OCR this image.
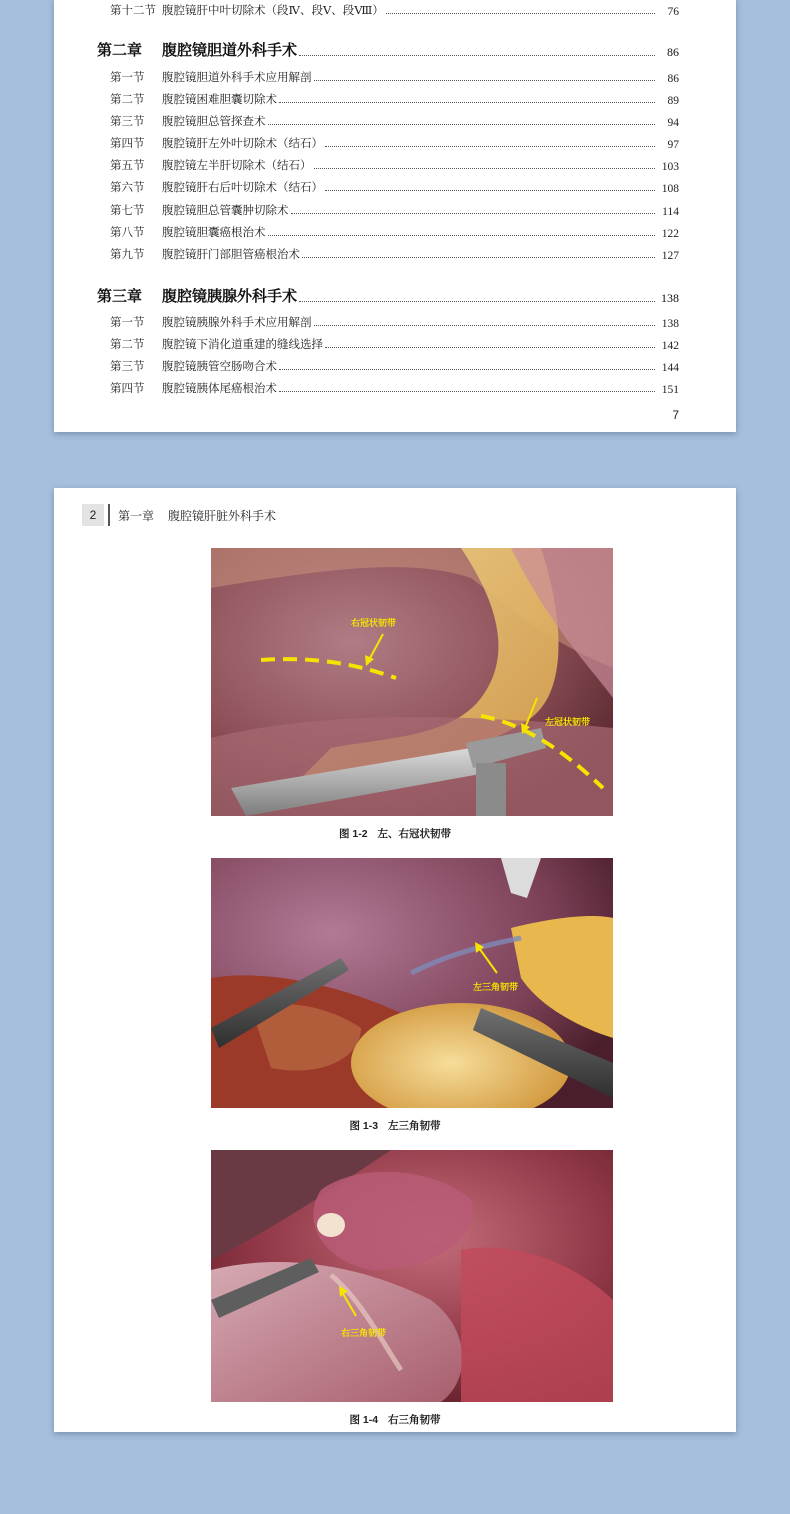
第十二节 腹腔镜肝中叶切除术（段Ⅳ、段Ⅴ、段Ⅷ）	76
第二章	腹腔镜胆道外科手术	86
第一节	腹腔镜胆道外科手术应用解剖	86
第二节	腹腔镜困难胆囊切除术	89
第三节	腹腔镜胆总管探查术	94
第四节	腹腔镜肝左外叶切除术（结石）	97
第五节	腹腔镜左半肝切除术（结石）	103
第六节	腹腔镜肝右后叶切除术（结石）	108
第七节	腹腔镜胆总管囊肿切除术	114
第八节	腹腔镜胆囊癌根治术	122
第九节	腹腔镜肝门部胆管癌根治术	127
第三章	腹腔镜胰腺外科手术	138
第一节	腹腔镜胰腺外科手术应用解剖	138
第二节	腹腔镜下消化道重建的缝线选择	142
第三节	腹腔镜胰管空肠吻合术	144
第四节	腹腔镜胰体尾癌根治术	151
7
2	第一章 腹腔镜肝脏外科手术
右冠状韧带
左冠状韧带
图 1-2 左、右冠状韧带
左三角韧带
图 1-3 左三角韧带
右三角韧带
图 1-4 右三角韧带
